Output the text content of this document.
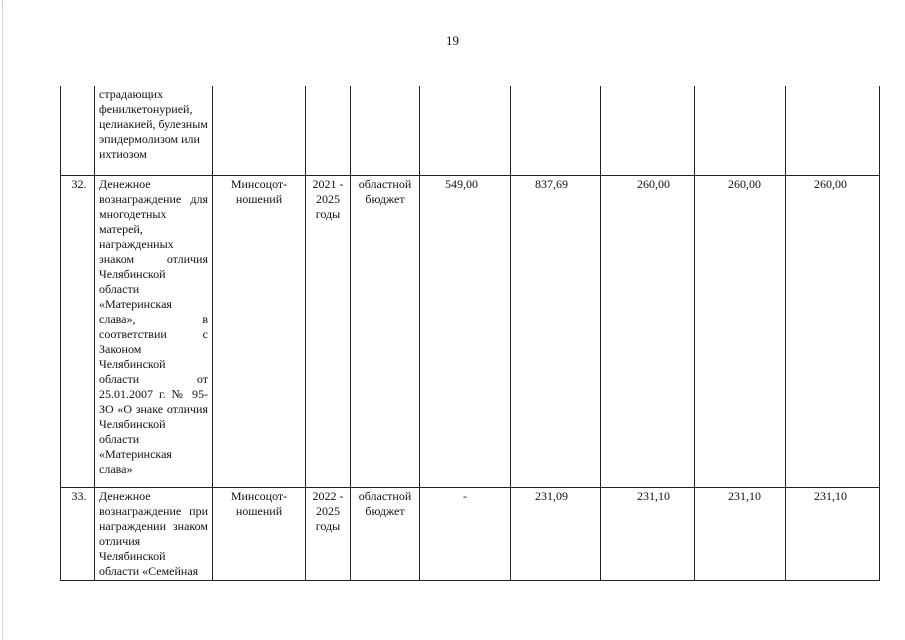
19
	страдающих фенилкетонурией, целиакией, булезным эпидермолизом или ихтиозом								
32.	Денежное вознаграждение для многодетных матерей, награжденных знаком отличия Челябинской области «Материнская слава», в соответствии с Законом Челябинской области от 25.01.2007 г. № 95-ЗО «О знаке отличия Челябинской области «Материнская слава»	Минсоцот-ношений	2021 - 2025 годы	областной бюджет	549,00	837,69	260,00	260,00	260,00
33.	Денежное вознаграждение при награждении знаком отличия Челябинской области «Семейная	Минсоцот-ношений	2022 - 2025 годы	областной бюджет	-	231,09	231,10	231,10	231,10
